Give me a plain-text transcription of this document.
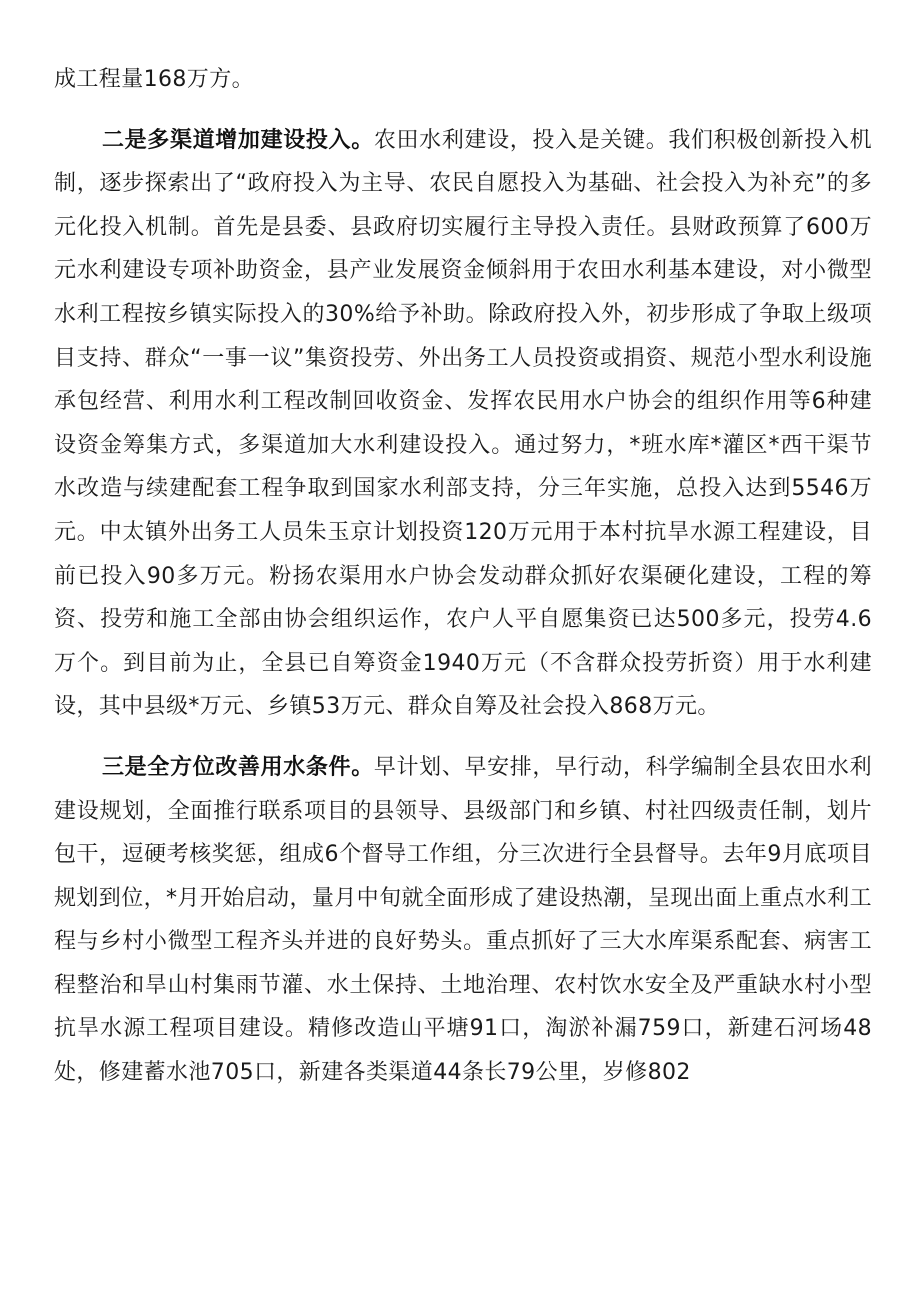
成工程量168万方。

二是多渠道增加建设投入。农田水利建设，投入是关键。我们积极创新投入机制，逐步探索出了“政府投入为主导、农民自愿投入为基础、社会投入为补充”的多元化投入机制。首先是县委、县政府切实履行主导投入责任。县财政预算了600万元水利建设专项补助资金，县产业发展资金倾斜用于农田水利基本建设，对小微型水利工程按乡镇实际投入的30%给予补助。除政府投入外，初步形成了争取上级项目支持、群众“一事一议”集资投劳、外出务工人员投资或捐资、规范小型水利设施承包经营、利用水利工程改制回收资金、发挥农民用水户协会的组织作用等6种建设资金筹集方式，多渠道加大水利建设投入。通过努力，*班水库*灌区*西干渠节水改造与续建配套工程争取到国家水利部支持，分三年实施，总投入达到5546万元。中太镇外出务工人员朱玉京计划投资120万元用于本村抗旱水源工程建设，目前已投入90多万元。粉扬农渠用水户协会发动群众抓好农渠硬化建设，工程的筹资、投劳和施工全部由协会组织运作，农户人平自愿集资已达500多元，投劳4.6万个。到目前为止，全县已自筹资金1940万元（不含群众投劳折资）用于水利建设，其中县级*万元、乡镇53万元、群众自筹及社会投入868万元。

三是全方位改善用水条件。早计划、早安排，早行动，科学编制全县农田水利建设规划，全面推行联系项目的县领导、县级部门和乡镇、村社四级责任制，划片包干，逗硬考核奖惩，组成6个督导工作组，分三次进行全县督导。去年9月底项目规划到位，*月开始启动，量月中旬就全面形成了建设热潮，呈现出面上重点水利工程与乡村小微型工程齐头并进的良好势头。重点抓好了三大水库渠系配套、病害工程整治和旱山村集雨节灌、水土保持、土地治理、农村饮水安全及严重缺水村小型抗旱水源工程项目建设。精修改造山平塘91口，淘淤补漏759口，新建石河场48处，修建蓄水池705口，新建各类渠道44条长79公里，岁修802
